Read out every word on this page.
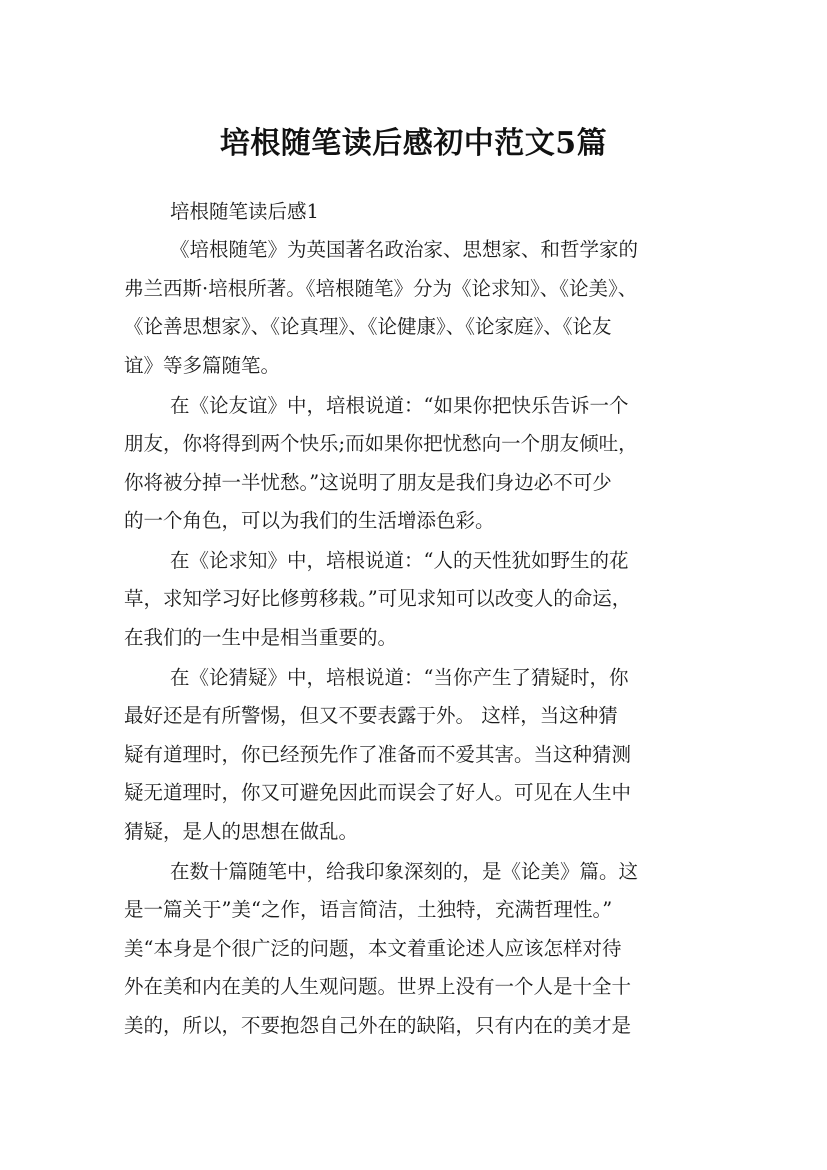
培根随笔读后感初中范文5篇
培根随笔读后感1
《培根随笔》为英国著名政治家、思想家、和哲学家的
弗兰西斯·培根所著。《培根随笔》分为《论求知》、《论美》、
《论善思想家》、《论真理》、《论健康》、《论家庭》、《论友
谊》等多篇随笔。
在《论友谊》中，培根说道：“如果你把快乐告诉一个
朋友，你将得到两个快乐;而如果你把忧愁向一个朋友倾吐，
你将被分掉一半忧愁。”这说明了朋友是我们身边必不可少
的一个角色，可以为我们的生活增添色彩。
在《论求知》中，培根说道：“人的天性犹如野生的花
草，求知学习好比修剪移栽。”可见求知可以改变人的命运，
在我们的一生中是相当重要的。
在《论猜疑》中，培根说道：“当你产生了猜疑时，你
最好还是有所警惕，但又不要表露于外。 这样，当这种猜
疑有道理时，你已经预先作了准备而不爱其害。当这种猜测
疑无道理时，你又可避免因此而误会了好人。可见在人生中
猜疑，是人的思想在做乱。
在数十篇随笔中，给我印象深刻的，是《论美》篇。这
是一篇关于”美“之作，语言简洁，土独特，充满哲理性。”
美“本身是个很广泛的问题，本文着重论述人应该怎样对待
外在美和内在美的人生观问题。世界上没有一个人是十全十
美的，所以，不要抱怨自己外在的缺陷，只有内在的美才是
